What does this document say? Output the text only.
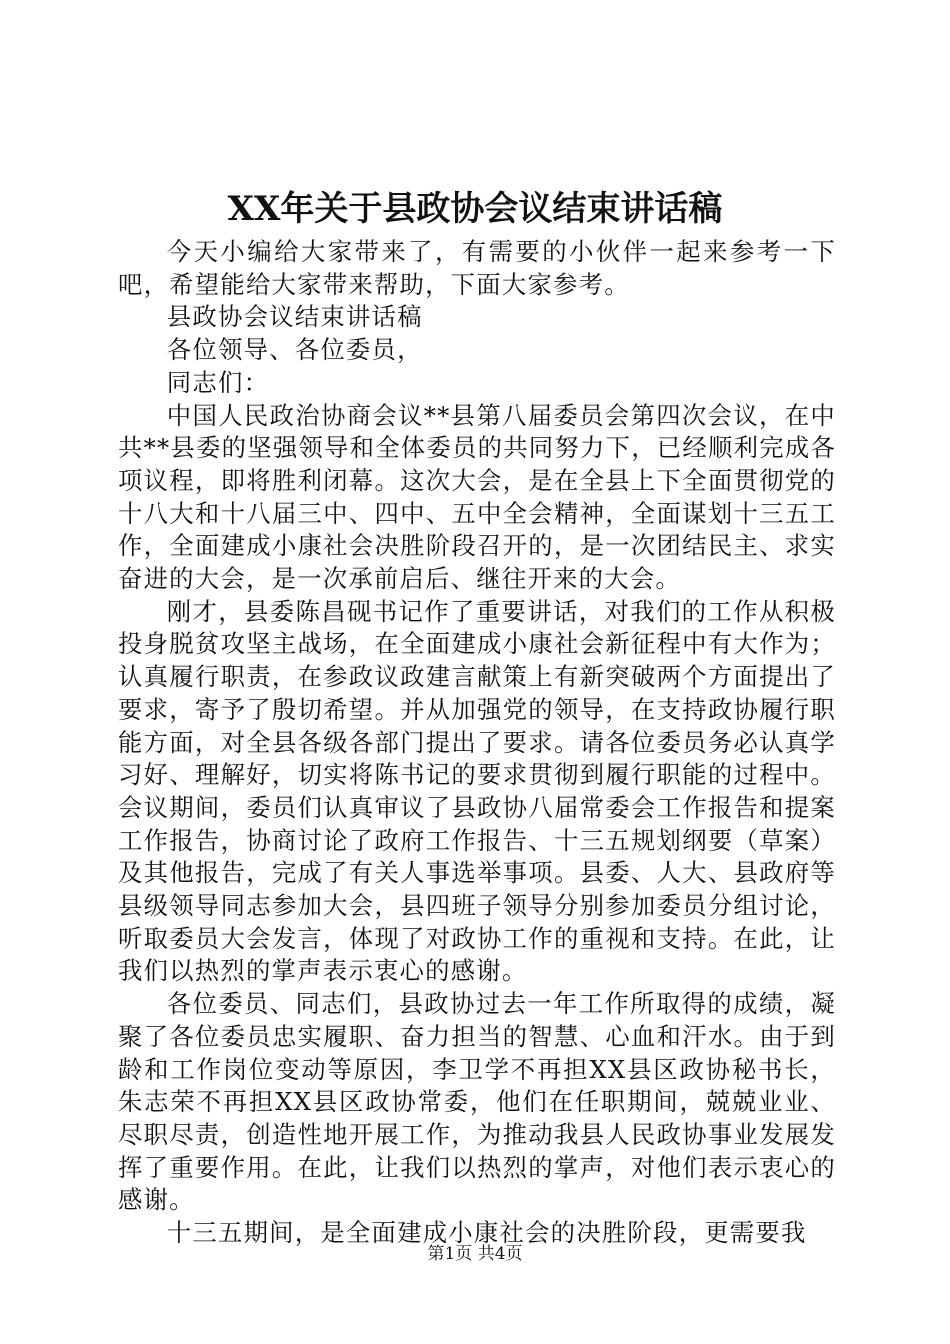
XX年关于县政协会议结束讲话稿

今天小编给大家带来了，有需要的小伙伴一起来参考一下吧，希望能给大家带来帮助，下面大家参考。

县政协会议结束讲话稿

各位领导、各位委员，

同志们：

中国人民政治协商会议**县第八届委员会第四次会议，在中共**县委的坚强领导和全体委员的共同努力下，已经顺利完成各项议程，即将胜利闭幕。这次大会，是在全县上下全面贯彻党的十八大和十八届三中、四中、五中全会精神，全面谋划十三五工作，全面建成小康社会决胜阶段召开的，是一次团结民主、求实奋进的大会，是一次承前启后、继往开来的大会。

刚才，县委陈昌砚书记作了重要讲话，对我们的工作从积极投身脱贫攻坚主战场，在全面建成小康社会新征程中有大作为；认真履行职责，在参政议政建言献策上有新突破两个方面提出了要求，寄予了殷切希望。并从加强党的领导，在支持政协履行职能方面，对全县各级各部门提出了要求。请各位委员务必认真学习好、理解好，切实将陈书记的要求贯彻到履行职能的过程中。会议期间，委员们认真审议了县政协八届常委会工作报告和提案工作报告，协商讨论了政府工作报告、十三五规划纲要（草案）及其他报告，完成了有关人事选举事项。县委、人大、县政府等县级领导同志参加大会，县四班子领导分别参加委员分组讨论，听取委员大会发言，体现了对政协工作的重视和支持。在此，让我们以热烈的掌声表示衷心的感谢。

各位委员、同志们，县政协过去一年工作所取得的成绩，凝聚了各位委员忠实履职、奋力担当的智慧、心血和汗水。由于到龄和工作岗位变动等原因，李卫学不再担XX县区政协秘书长，朱志荣不再担XX县区政协常委，他们在任职期间，兢兢业业、尽职尽责，创造性地开展工作，为推动我县人民政协事业发展发挥了重要作用。在此，让我们以热烈的掌声，对他们表示衷心的感谢。

十三五期间，是全面建成小康社会的决胜阶段，更需要我

第1页 共4页
